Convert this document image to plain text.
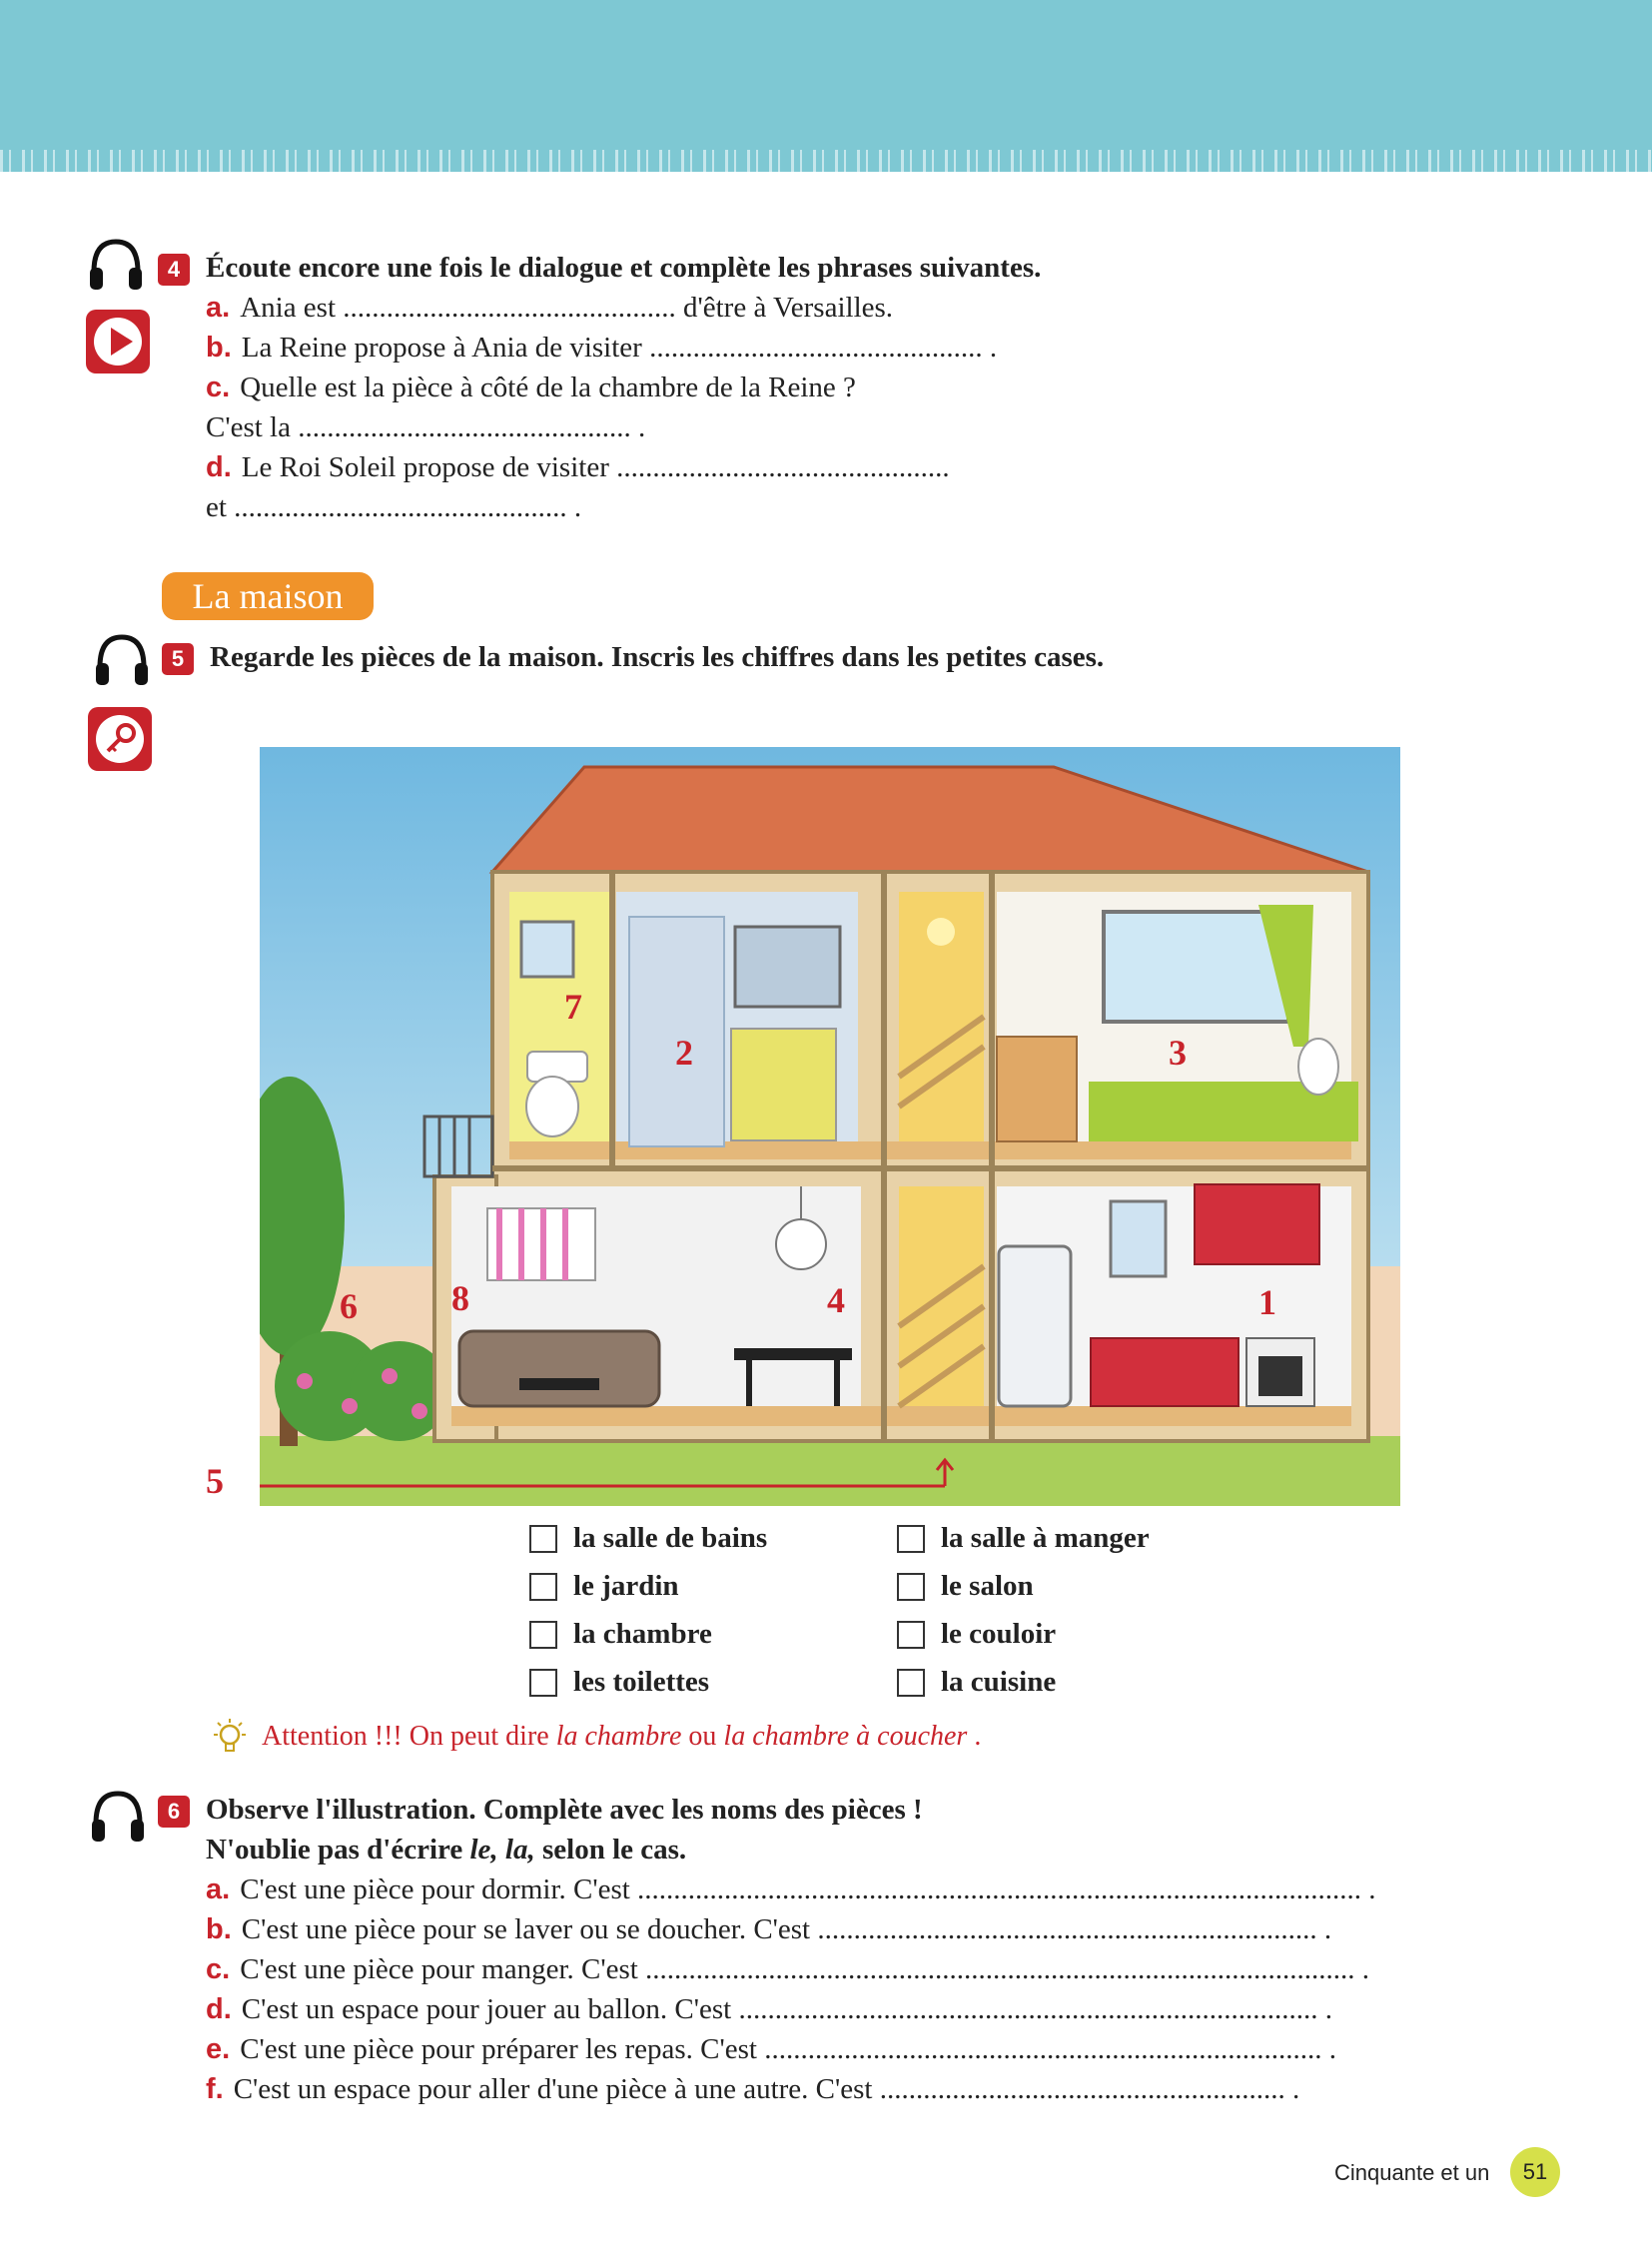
4 Écoute encore une fois le dialogue et complète les phrases suivantes.
a. Ania est .............................................. d'être à Versailles.
b. La Reine propose à Ania de visiter .............................................. .
c. Quelle est la pièce à côté de la chambre de la Reine ?
C'est la .............................................. .
d. Le Roi Soleil propose de visiter ..............................................
et .............................................. .
La maison
5 Regarde les pièces de la maison. Inscris les chiffres dans les petites cases.
1
2	3
4
6
7
8
5
la salle de bains
le jardin
la chambre
les toilettes
la salle à manger
le salon
le couloir
la cuisine
Attention !!! On peut dire la chambre ou la chambre à coucher .
6 Observe l'illustration. Complète avec les noms des pièces !
N'oublie pas d'écrire le, la, selon le cas.
a. C'est une pièce pour dormir. C'est .................................................................................................... .
b. C'est une pièce pour se laver ou se doucher. C'est ..................................................................... .
c. C'est une pièce pour manger. C'est .................................................................................................. .
d. C'est un espace pour jouer au ballon. C'est ................................................................................ .
e. C'est une pièce pour préparer les repas. C'est ............................................................................. .
f. C'est un espace pour aller d'une pièce à une autre. C'est ........................................................ .
Cinquante et un	51
